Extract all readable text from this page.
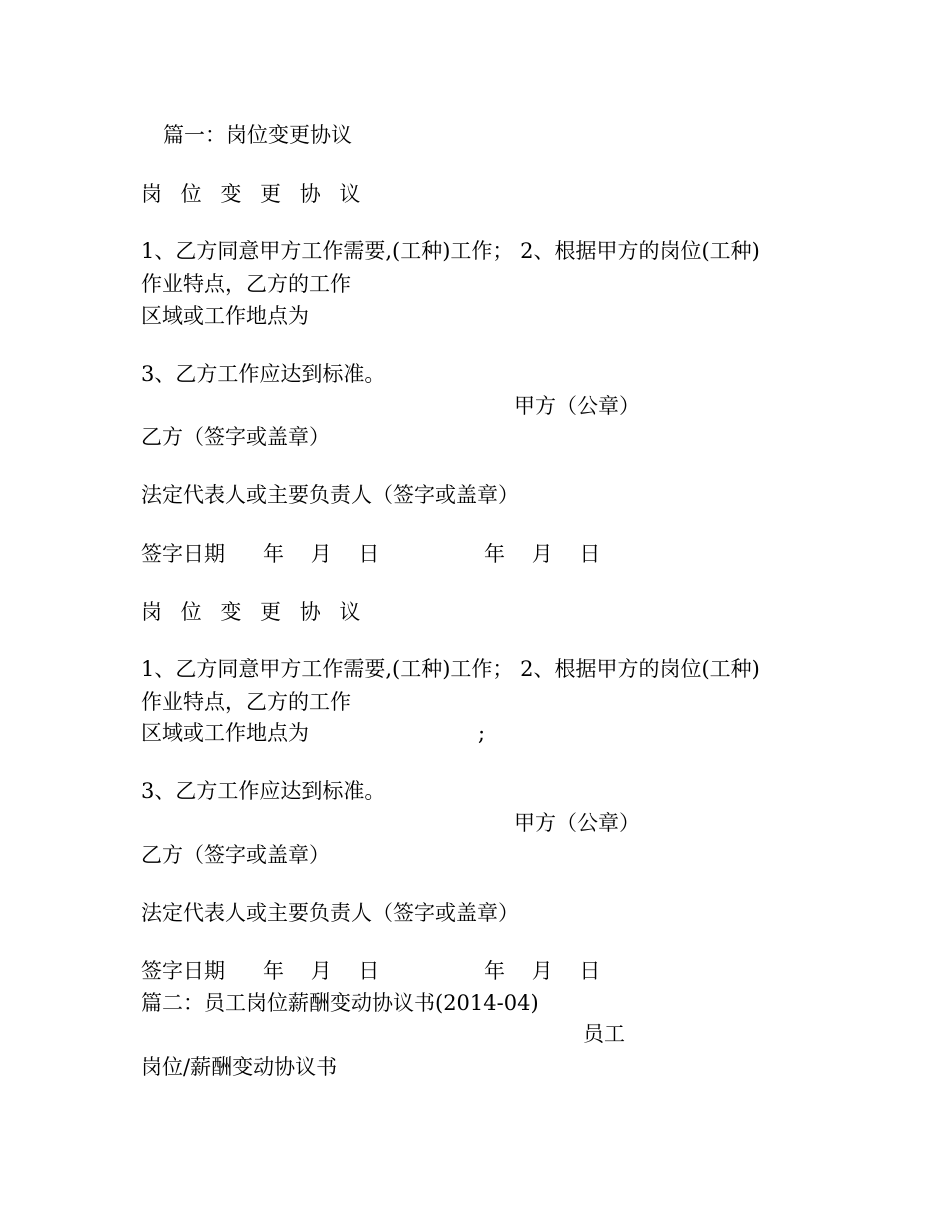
篇一：岗位变更协议
岗 位 变 更 协 议
1、乙方同意甲方工作需要,(工种)工作； 2、根据甲方的岗位(工种)
作业特点，乙方的工作
区域或工作地点为
3、乙方工作应达到标准。
甲方（公章）
乙方（签字或盖章）
法定代表人或主要负责人（签字或盖章）
签字日期 年    月    日	年    月    日
岗 位 变 更 协 议
1、乙方同意甲方工作需要,(工种)工作； 2、根据甲方的岗位(工种)
作业特点，乙方的工作
区域或工作地点为	;
3、乙方工作应达到标准。
甲方（公章）
乙方（签字或盖章）
法定代表人或主要负责人（签字或盖章）
签字日期 年    月    日	年    月    日
篇二：员工岗位薪酬变动协议书(2014-04)
员工
岗位/薪酬变动协议书
